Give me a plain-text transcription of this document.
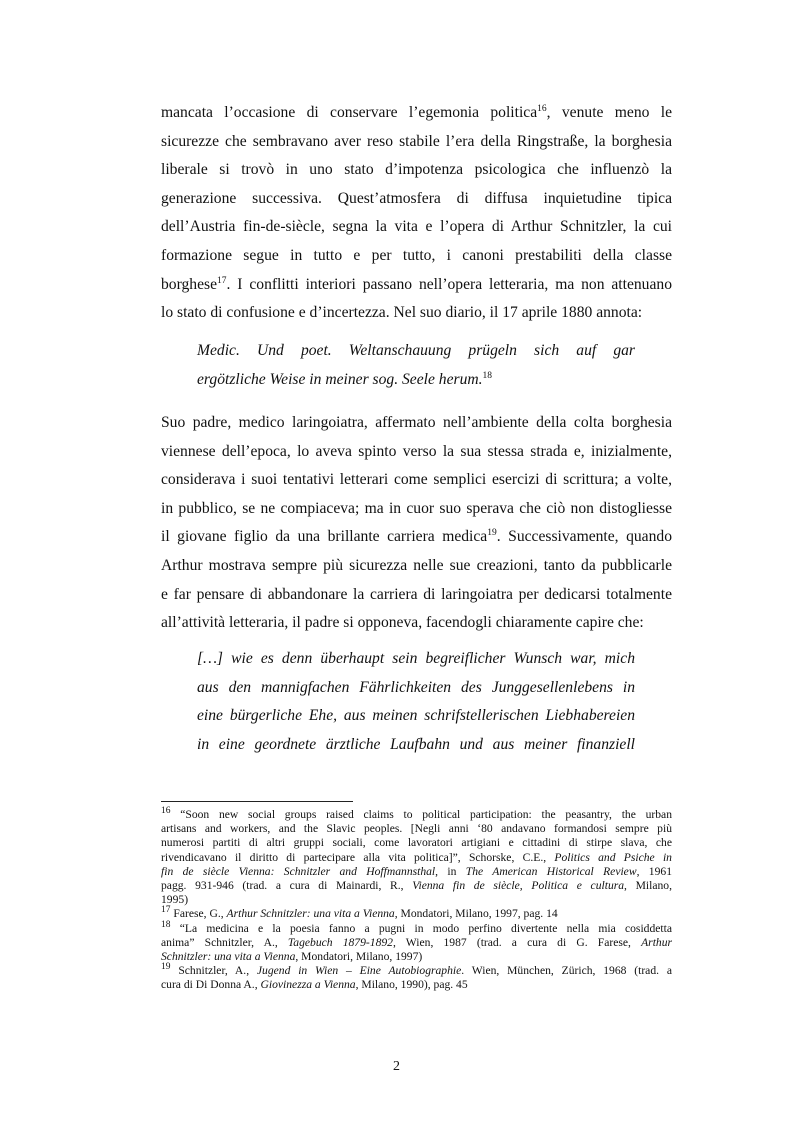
mancata l’occasione di conservare l’egemonia politica$^{16}$, venute meno le
sicurezze che sembravano aver reso stabile l’era della Ringstraße, la borghesia
liberale si trovò in uno stato d’impotenza psicologica che influenzò la
generazione successiva. Quest’atmosfera di diffusa inquietudine tipica
dell’Austria fin-de-siècle, segna la vita e l’opera di Arthur Schnitzler, la cui
formazione segue in tutto e per tutto, i canoni prestabiliti della classe
borghese$^{17}$. I conflitti interiori passano nell’opera letteraria, ma non attenuano
lo stato di confusione e d’incertezza. Nel suo diario, il 17 aprile 1880 annota:
Medic. Und poet. Weltanschauung prügeln sich auf gar
ergötzliche Weise in meiner sog. Seele herum.$^{18}$
Suo padre, medico laringoiatra, affermato nell’ambiente della colta borghesia
viennese dell’epoca, lo aveva spinto verso la sua stessa strada e, inizialmente,
considerava i suoi tentativi letterari come semplici esercizi di scrittura; a volte,
in pubblico, se ne compiaceva; ma in cuor suo sperava che ciò non distogliesse
il giovane figlio da una brillante carriera medica$^{19}$. Successivamente, quando
Arthur mostrava sempre più sicurezza nelle sue creazioni, tanto da pubblicarle
e far pensare di abbandonare la carriera di laringoiatra per dedicarsi totalmente
all’attività letteraria, il padre si opponeva, facendogli chiaramente capire che:
[…] wie es denn überhaupt sein begreiflicher Wunsch war, mich
aus den mannigfachen Fährlichkeiten des Junggesellenlebens in
eine bürgerliche Ehe, aus meinen schrifstellerischen Liebhabereien
in eine geordnete ärztliche Laufbahn und aus meiner finanziell
$^{16}$ “Soon new social groups raised claims to political participation: the peasantry, the urban
artisans and workers, and the Slavic peoples. [Negli anni ‘80 andavano formandosi sempre più
numerosi partiti di altri gruppi sociali, come lavoratori artigiani e cittadini di stirpe slava, che
rivendicavano il diritto di partecipare alla vita politica]”, Schorske, C.E., Politics and Psiche in
fin de siècle Vienna: Schnitzler and Hoffmannsthal, in The American Historical Review, 1961
pagg. 931-946 (trad. a cura di Mainardi, R., Vienna fin de siècle, Politica e cultura, Milano,
1995)
$^{17}$ Farese, G., Arthur Schnitzler: una vita a Vienna, Mondatori, Milano, 1997, pag. 14
$^{18}$ “La medicina e la poesia fanno a pugni in modo perfino divertente nella mia cosiddetta
anima” Schnitzler, A., Tagebuch 1879-1892, Wien, 1987 (trad. a cura di G. Farese, Arthur
Schnitzler: una vita a Vienna, Mondatori, Milano, 1997)
$^{19}$ Schnitzler, A., Jugend in Wien – Eine Autobiographie. Wien, München, Zürich, 1968 (trad. a
cura di Di Donna A., Giovinezza a Vienna, Milano, 1990), pag. 45
2
